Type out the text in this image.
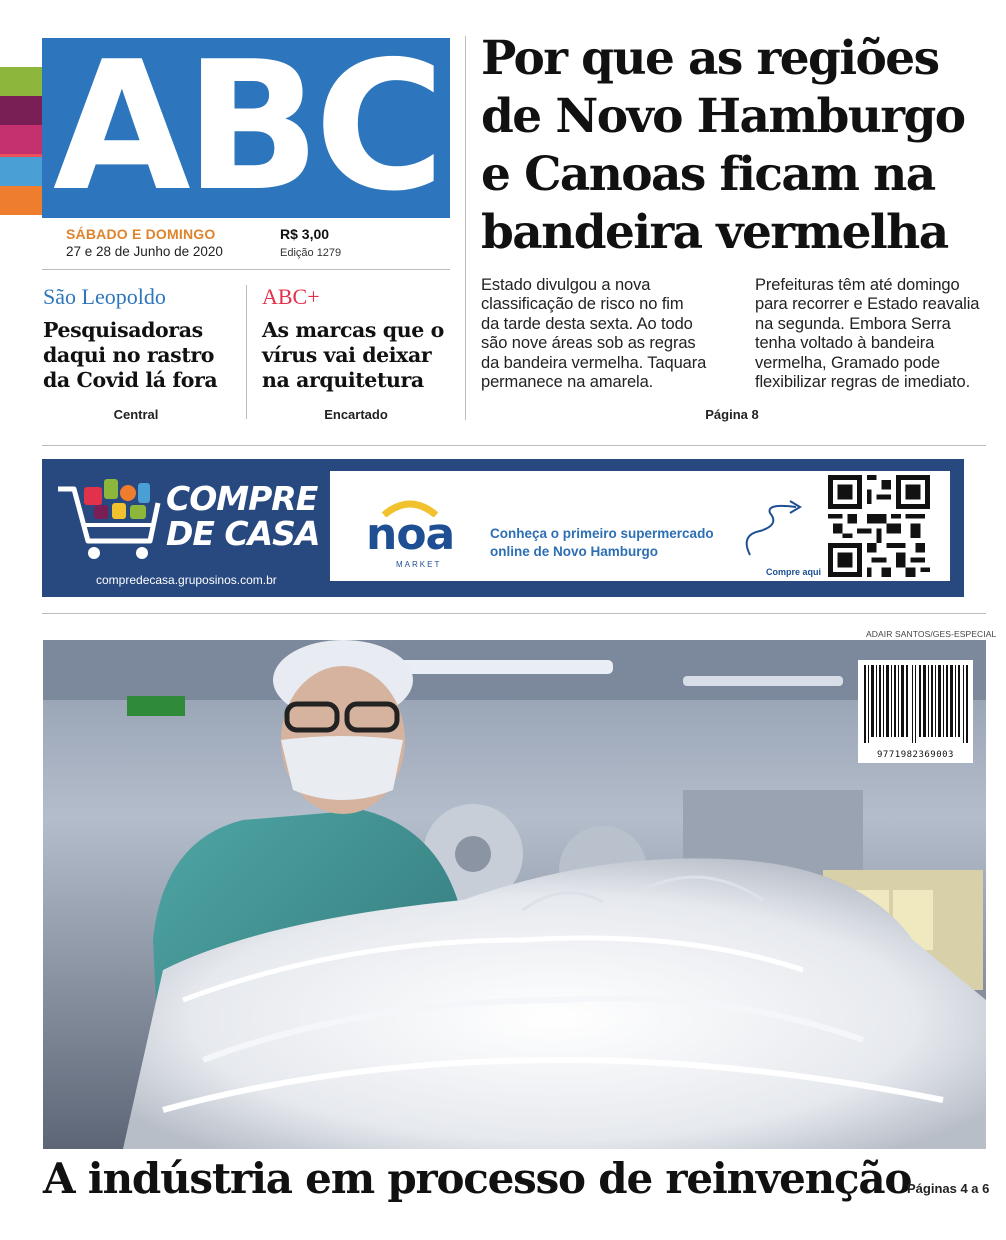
ABC
SÁBADO E DOMINGO
27 e 28 de Junho de 2020
R$ 3,00
Edição 1279
São Leopoldo
Pesquisadoras
daqui no rastro
da Covid lá fora
Central
ABC+
As marcas que o
vírus vai deixar
na arquitetura
Encartado
Por que as regiões
de Novo Hamburgo
e Canoas ficam na
bandeira vermelha
Estado divulgou a nova
classificação de risco no fim
da tarde desta sexta. Ao todo
são nove áreas sob as regras
da bandeira vermelha. Taquara
permanece na amarela.
Prefeituras têm até domingo
para recorrer e Estado reavalia
na segunda. Embora Serra
tenha voltado à bandeira
vermelha, Gramado pode
flexibilizar regras de imediato.
Página 8
COMPRE
DE CASA
compredecasa.gruposinos.com.br
noa
MARKET
Conheça o primeiro supermercado
online de Novo Hamburgo
Compre aqui
ADAIR SANTOS/GES-ESPECIAL
9771982369003
A indústria em processo de reinvenção
Páginas 4 a 6
